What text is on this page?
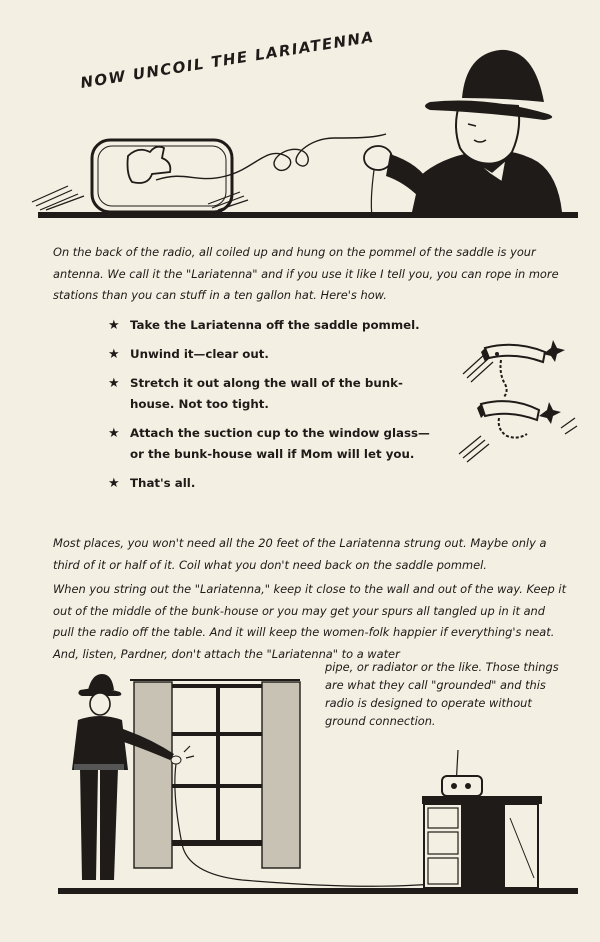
NOW UNCOIL THE LARIATENNA

On the back of the radio, all coiled up and hung on the pommel of the saddle is your antenna. We call it the "Lariatenna" and if you use it like I tell you, you can rope in more stations than you can stuff in a ten gallon hat. Here's how.

★ Take the Lariatenna off the saddle pommel.
★ Unwind it—clear out.
★ Stretch it out along the wall of the bunk-house. Not too tight.
★ Attach the suction cup to the window glass—or the bunk-house wall if Mom will let you.
★ That's all.

Most places, you won't need all the 20 feet of the Lariatenna strung out. Maybe only a third of it or half of it. Coil what you don't need back on the saddle pommel.

When you string out the "Lariatenna," keep it close to the wall and out of the way. Keep it out of the middle of the bunk-house or you may get your spurs all tangled up in it and pull the radio off the table. And it will keep the women-folk happier if everything's neat. And, listen, Pardner, don't attach the "Lariatenna" to a water

pipe, or radiator or the like. Those things are what they call "grounded" and this radio is designed to operate without ground connection.
